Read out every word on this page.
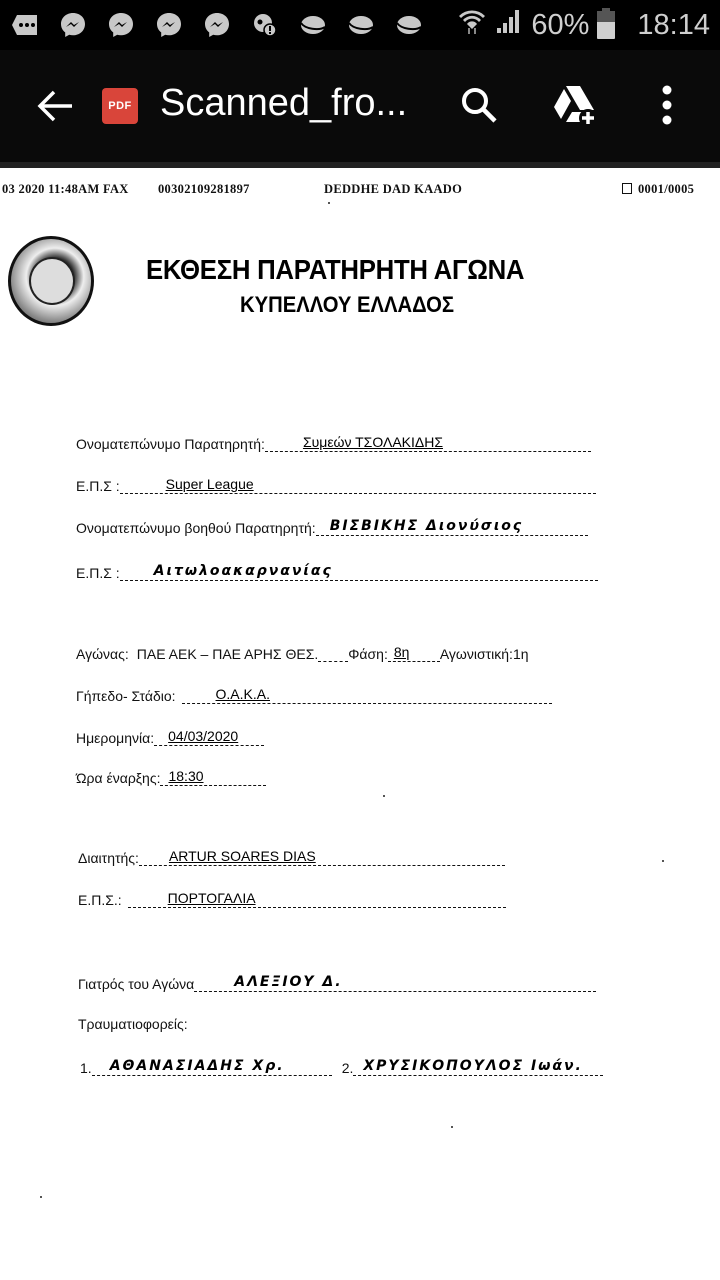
60% 18:14
PDF Scanned_fro...
03 2020 11:48AM FAX 00302109281897	DEDDHE DAD KAADO	0001/0005
ΕΚΘΕΣΗ ΠΑΡΑΤΗΡΗΤΗ ΑΓΩΝΑ
ΚΥΠΕΛΛΟΥ ΕΛΛΑΔΟΣ
Ονοματεπώνυμο Παρατηρητή:	Συμεών ΤΣΟΛΑΚΙΔΗΣ
Ε.Π.Σ :	Super League
Ονοματεπώνυμο βοηθού Παρατηρητή: ΒΙΣΒΙΚΗΣ Διονύσιος
Ε.Π.Σ : Αιτωλοακαρνανίας
Αγώνας: ΠΑΕ ΑΕΚ – ΠΑΕ ΑΡΗΣ ΘΕΣ. Φάση: 8η Αγωνιστική: 1η
Γήπεδο- Στάδιο:	Ο.Α.Κ.Α.
Ημερομηνία: 04/03/2020
Ώρα έναρξης: 18:30
Διαιτητής: ARTUR SOARES DIAS
Ε.Π.Σ.:	ΠΟΡΤΟΓΑΛΙΑ
Γιατρός του Αγώνα	ΑΛΕΞΙΟΥ Δ.
Τραυματιοφορείς:
1. ΑΘΑΝΑΣΙΑΔΗΣ Χρ.	2. ΧΡΥΣΙΚΟΠΟΥΛΟΣ Ιωάν.
